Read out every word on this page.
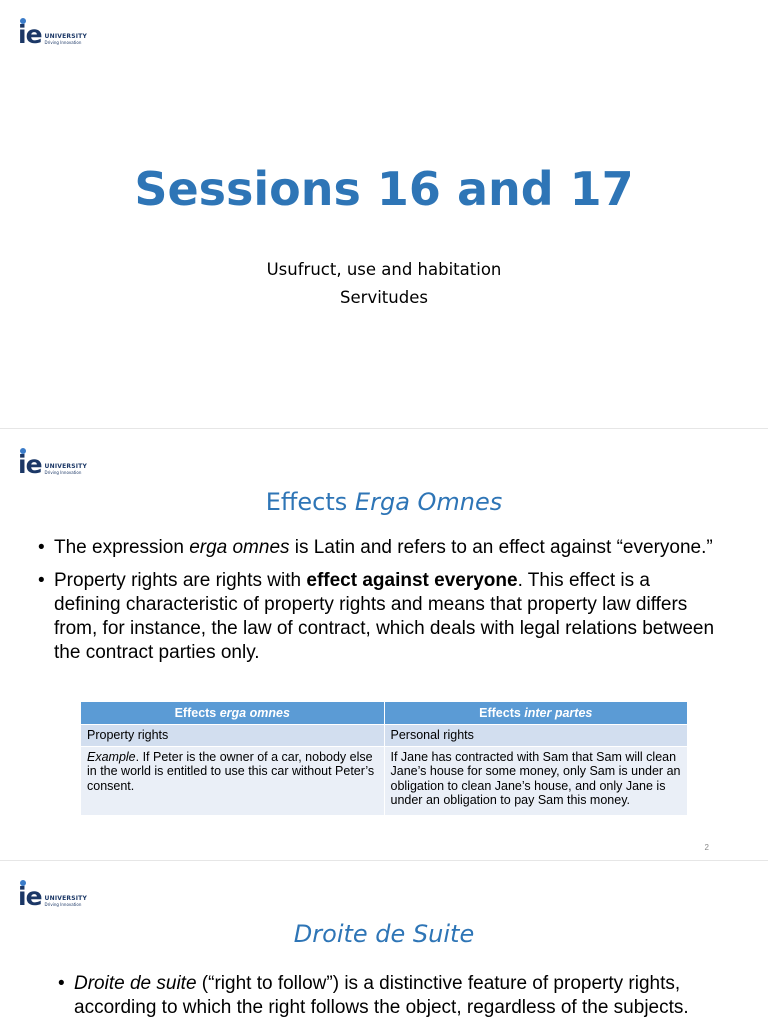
ie UNIVERSITY
Driving Innovation
Sessions 16 and 17
Usufruct, use and habitation
Servitudes
ie UNIVERSITY
Driving Innovation
Effects Erga Omnes
• The expression erga omnes is Latin and refers to an effect against “everyone.”
• Property rights are rights with effect against everyone. This effect is a defining characteristic of property rights and means that property law differs from, for instance, the law of contract, which deals with legal relations between the contract parties only.
Effects erga omnes	Effects inter partes
Property rights	Personal rights
Example. If Peter is the owner of a car, nobody else in the world is entitled to use this car without Peter’s consent.	If Jane has contracted with Sam that Sam will clean Jane’s house for some money, only Sam is under an obligation to clean Jane’s house, and only Jane is under an obligation to pay Sam this money.
2
ie UNIVERSITY
Driving Innovation
Droite de Suite
• Droite de suite (“right to follow”) is a distinctive feature of property rights, according to which the right follows the object, regardless of the subjects.
